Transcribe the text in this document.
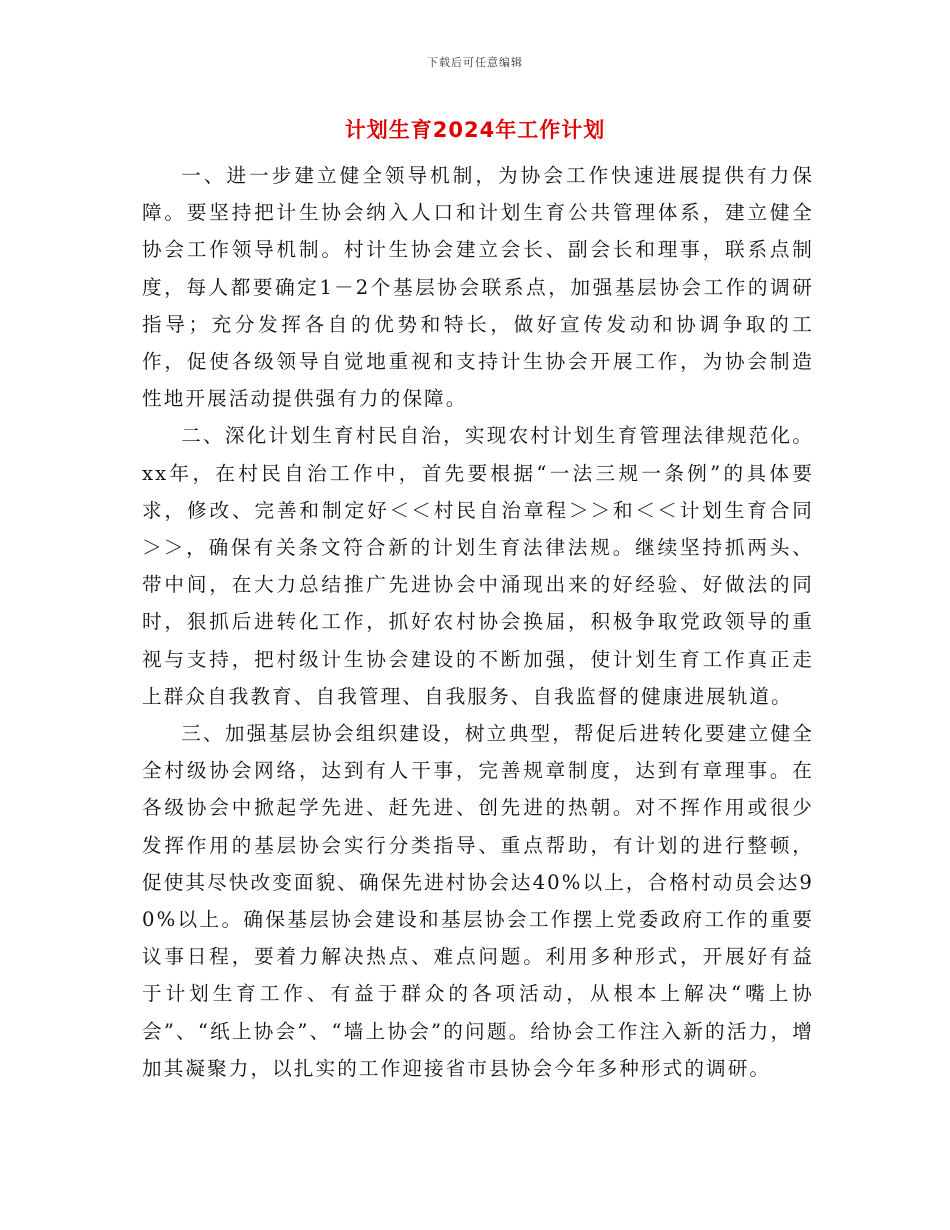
下载后可任意编辑
计划生育2024年工作计划

一、进一步建立健全领导机制，为协会工作快速进展提供有力保障。要坚持把计生协会纳入人口和计划生育公共管理体系，建立健全协会工作领导机制。村计生协会建立会长、副会长和理事，联系点制度，每人都要确定1－2个基层协会联系点，加强基层协会工作的调研指导；充分发挥各自的优势和特长，做好宣传发动和协调争取的工作，促使各级领导自觉地重视和支持计生协会开展工作，为协会制造性地开展活动提供强有力的保障。

二、深化计划生育村民自治，实现农村计划生育管理法律规范化。xx年，在村民自治工作中，首先要根据“一法三规一条例”的具体要求，修改、完善和制定好＜＜村民自治章程＞＞和＜＜计划生育合同＞＞，确保有关条文符合新的计划生育法律法规。继续坚持抓两头、带中间，在大力总结推广先进协会中涌现出来的好经验、好做法的同时，狠抓后进转化工作，抓好农村协会换届，积极争取党政领导的重视与支持，把村级计生协会建设的不断加强，使计划生育工作真正走上群众自我教育、自我管理、自我服务、自我监督的健康进展轨道。

三、加强基层协会组织建设，树立典型，帮促后进转化要建立健全全村级协会网络，达到有人干事，完善规章制度，达到有章理事。在各级协会中掀起学先进、赶先进、创先进的热朝。对不挥作用或很少发挥作用的基层协会实行分类指导、重点帮助，有计划的进行整顿，促使其尽快改变面貌、确保先进村协会达40%以上，合格村动员会达90%以上。确保基层协会建设和基层协会工作摆上党委政府工作的重要议事日程，要着力解决热点、难点问题。利用多种形式，开展好有益于计划生育工作、有益于群众的各项活动，从根本上解决“嘴上协会”、“纸上协会”、“墙上协会”的问题。给协会工作注入新的活力，增加其凝聚力，以扎实的工作迎接省市县协会今年多种形式的调研。
